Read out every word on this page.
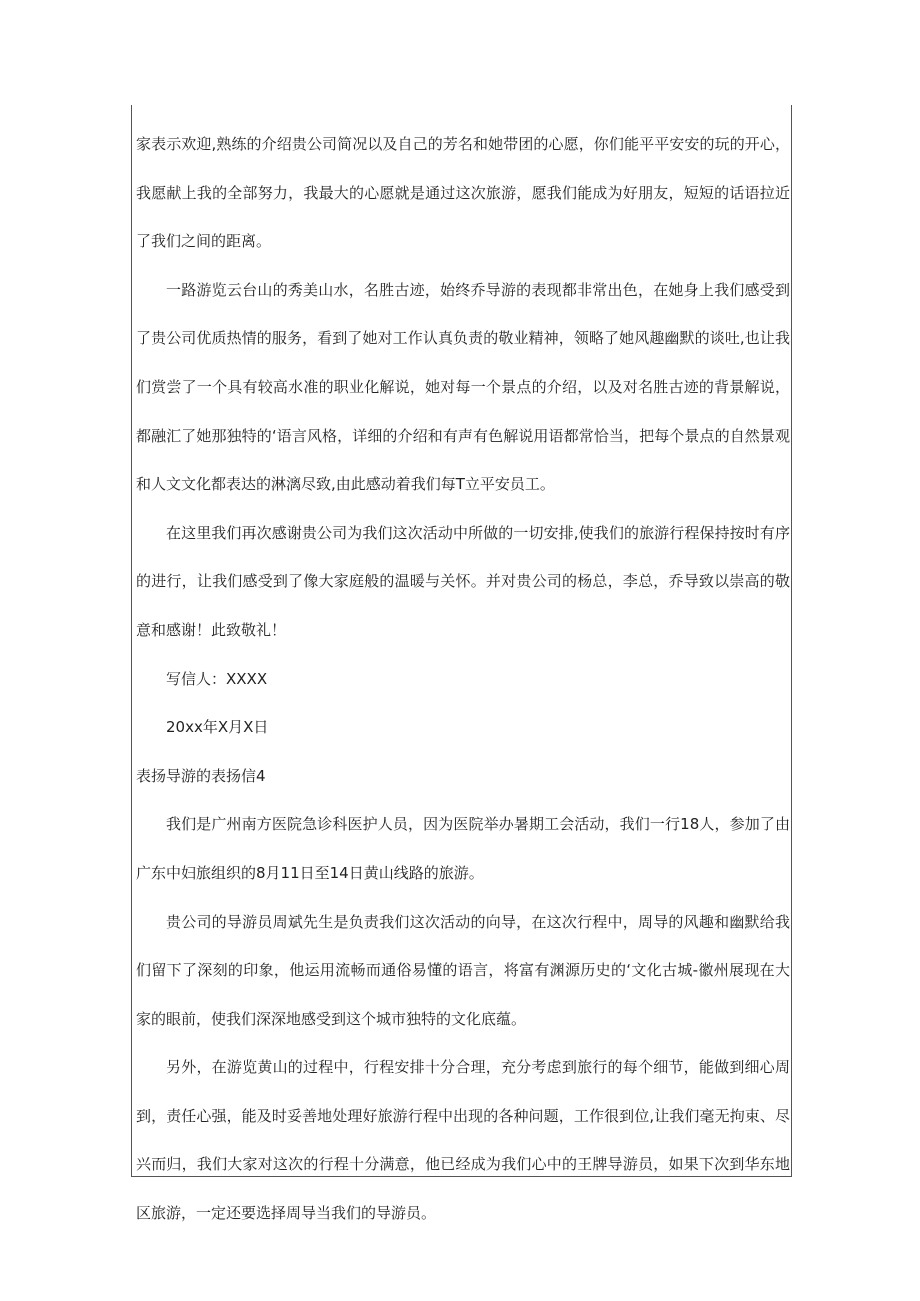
家表示欢迎,熟练的介绍贵公司简况以及自己的芳名和她带团的心愿，你们能平平安安的玩的开心，我愿献上我的全部努力，我最大的心愿就是通过这次旅游，愿我们能成为好朋友，短短的话语拉近了我们之间的距离。

一路游览云台山的秀美山水，名胜古迹，始终乔导游的表现都非常出色，在她身上我们感受到了贵公司优质热情的服务，看到了她对工作认真负责的敬业精神，领略了她风趣幽默的谈吐,也让我们赏尝了一个具有较高水准的职业化解说，她对每一个景点的介绍，以及对名胜古迹的背景解说，都融汇了她那独特的‘语言风格，详细的介绍和有声有色解说用语都常恰当，把每个景点的自然景观和人文文化都表达的淋漓尽致,由此感动着我们每T立平安员工。

在这里我们再次感谢贵公司为我们这次活动中所做的一切安排,使我们的旅游行程保持按时有序的进行，让我们感受到了像大家庭般的温暖与关怀。并对贵公司的杨总，李总，乔导致以崇高的敬意和感谢！此致敬礼！

写信人：XXXX

20xx年X月X日

表扬导游的表扬信4

我们是广州南方医院急诊科医护人员，因为医院举办暑期工会活动，我们一行18人，参加了由广东中妇旅组织的8月11日至14日黄山线路的旅游。

贵公司的导游员周斌先生是负责我们这次活动的向导，在这次行程中，周导的风趣和幽默给我们留下了深刻的印象，他运用流畅而通俗易懂的语言，将富有渊源历史的‘文化古城-徽州展现在大家的眼前，使我们深深地感受到这个城市独特的文化底蕴。

另外，在游览黄山的过程中，行程安排十分合理，充分考虑到旅行的每个细节，能做到细心周到，责任心强，能及时妥善地处理好旅游行程中出现的各种问题，工作很到位,让我们毫无拘束、尽兴而归，我们大家对这次的行程十分满意，他已经成为我们心中的王牌导游员，如果下次到华东地区旅游，一定还要选择周导当我们的导游员。
